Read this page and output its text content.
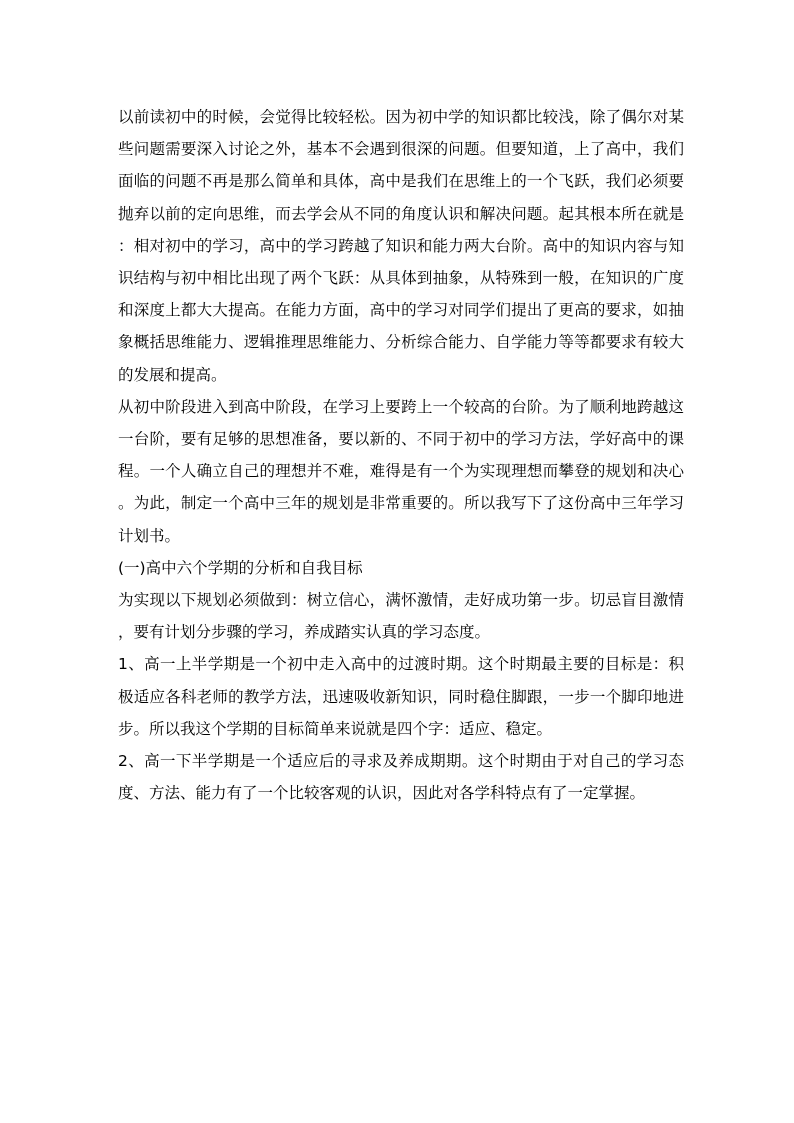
以前读初中的时候，会觉得比较轻松。因为初中学的知识都比较浅，除了偶尔对某些问题需要深入讨论之外，基本不会遇到很深的问题。但要知道，上了高中，我们面临的问题不再是那么简单和具体，高中是我们在思维上的一个飞跃，我们必须要抛弃以前的定向思维，而去学会从不同的角度认识和解决问题。起其根本所在就是：相对初中的学习，高中的学习跨越了知识和能力两大台阶。高中的知识内容与知识结构与初中相比出现了两个飞跃：从具体到抽象，从特殊到一般，在知识的广度和深度上都大大提高。在能力方面，高中的学习对同学们提出了更高的要求，如抽象概括思维能力、逻辑推理思维能力、分析综合能力、自学能力等等都要求有较大的发展和提高。

从初中阶段进入到高中阶段，在学习上要跨上一个较高的台阶。为了顺利地跨越这一台阶，要有足够的思想准备，要以新的、不同于初中的学习方法，学好高中的课程。一个人确立自己的理想并不难，难得是有一个为实现理想而攀登的规划和决心。为此，制定一个高中三年的规划是非常重要的。所以我写下了这份高中三年学习计划书。

(一)高中六个学期的分析和自我目标

为实现以下规划必须做到：树立信心，满怀激情，走好成功第一步。切忌盲目激情，要有计划分步骤的学习，养成踏实认真的学习态度。

1、高一上半学期是一个初中走入高中的过渡时期。这个时期最主要的目标是：积极适应各科老师的教学方法，迅速吸收新知识，同时稳住脚跟，一步一个脚印地进步。所以我这个学期的目标简单来说就是四个字：适应、稳定。

2、高一下半学期是一个适应后的寻求及养成期期。这个时期由于对自己的学习态度、方法、能力有了一个比较客观的认识，因此对各学科特点有了一定掌握。
